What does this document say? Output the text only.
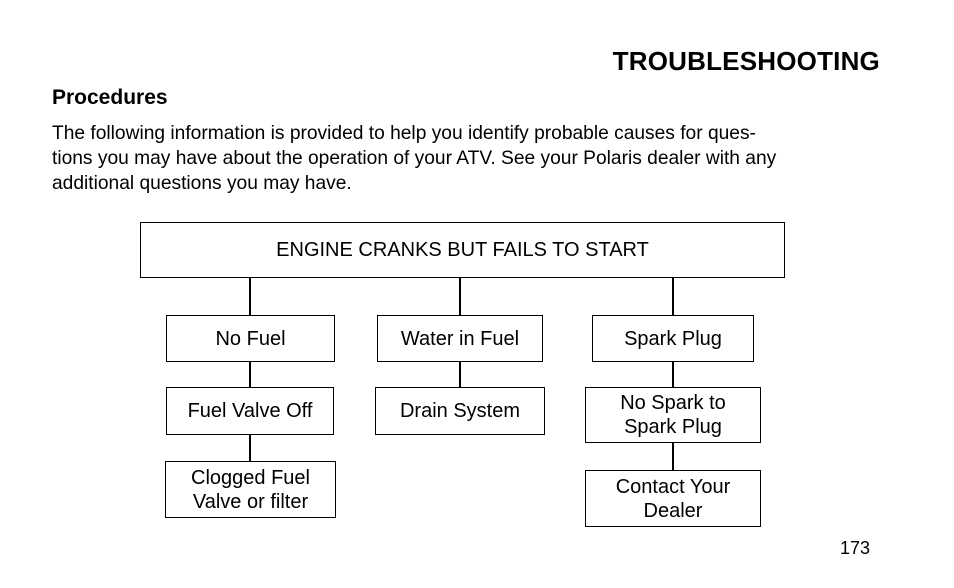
TROUBLESHOOTING
Procedures
The following information is provided to help you identify probable causes for ques-
tions you may have about the operation of your ATV. See your Polaris dealer with any
additional questions you may have.
ENGINE CRANKS BUT FAILS TO START
No Fuel
Fuel Valve Off
Clogged Fuel
Valve or filter
Water in Fuel
Drain System
Spark Plug
No Spark to
Spark Plug
Contact Your
Dealer
173
